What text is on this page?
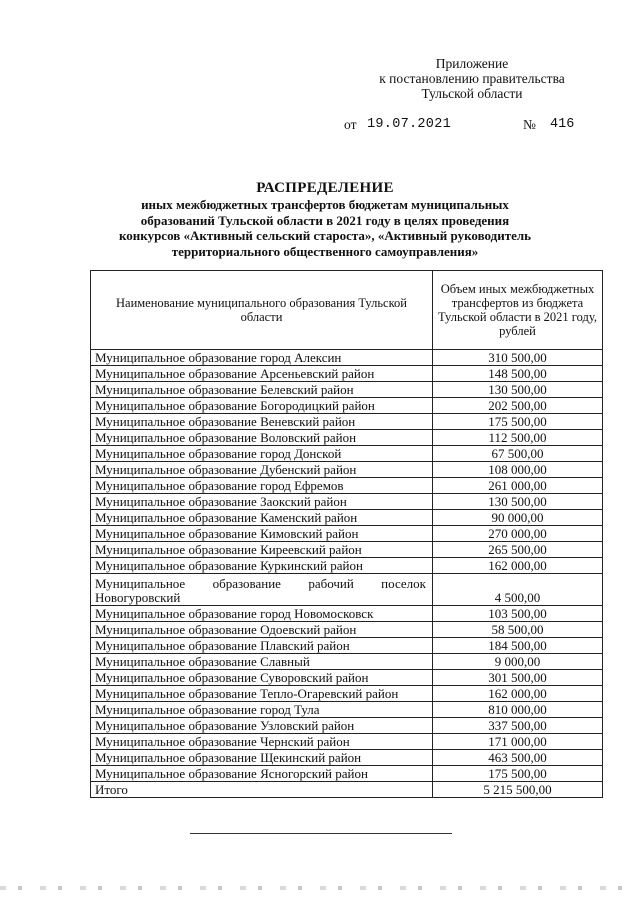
Приложение
к постановлению правительства
Тульской области
от 19.07.2021	№ 416
РАСПРЕДЕЛЕНИЕ
иных межбюджетных трансфертов бюджетам муниципальных
образований Тульской области в 2021 году в целях проведения
конкурсов «Активный сельский староста», «Активный руководитель
территориального общественного самоуправления»
Наименование муниципального образования Тульской области	Объем иных межбюджетных трансфертов из бюджета Тульской области в 2021 году, рублей
Муниципальное образование город Алексин	310 500,00
Муниципальное образование Арсеньевский район	148 500,00
Муниципальное образование Белевский район	130 500,00
Муниципальное образование Богородицкий район	202 500,00
Муниципальное образование Веневский район	175 500,00
Муниципальное образование Воловский район	112 500,00
Муниципальное образование город Донской	67 500,00
Муниципальное образование Дубенский район	108 000,00
Муниципальное образование город Ефремов	261 000,00
Муниципальное образование Заокский район	130 500,00
Муниципальное образование Каменский район	90 000,00
Муниципальное образование Кимовский район	270 000,00
Муниципальное образование Киреевский район	265 500,00
Муниципальное образование Куркинский район	162 000,00

Муниципальное образование рабочий поселок
Новогуровский	4 500,00
Муниципальное образование город Новомосковск	103 500,00
Муниципальное образование Одоевский район	58 500,00
Муниципальное образование Плавский район	184 500,00
Муниципальное образование Славный	9 000,00
Муниципальное образование Суворовский район	301 500,00
Муниципальное образование Тепло-Огаревский район	162 000,00
Муниципальное образование город Тула	810 000,00
Муниципальное образование Узловский район	337 500,00
Муниципальное образование Чернский район	171 000,00
Муниципальное образование Щекинский район	463 500,00
Муниципальное образование Ясногорский район	175 500,00
Итого	5 215 500,00
